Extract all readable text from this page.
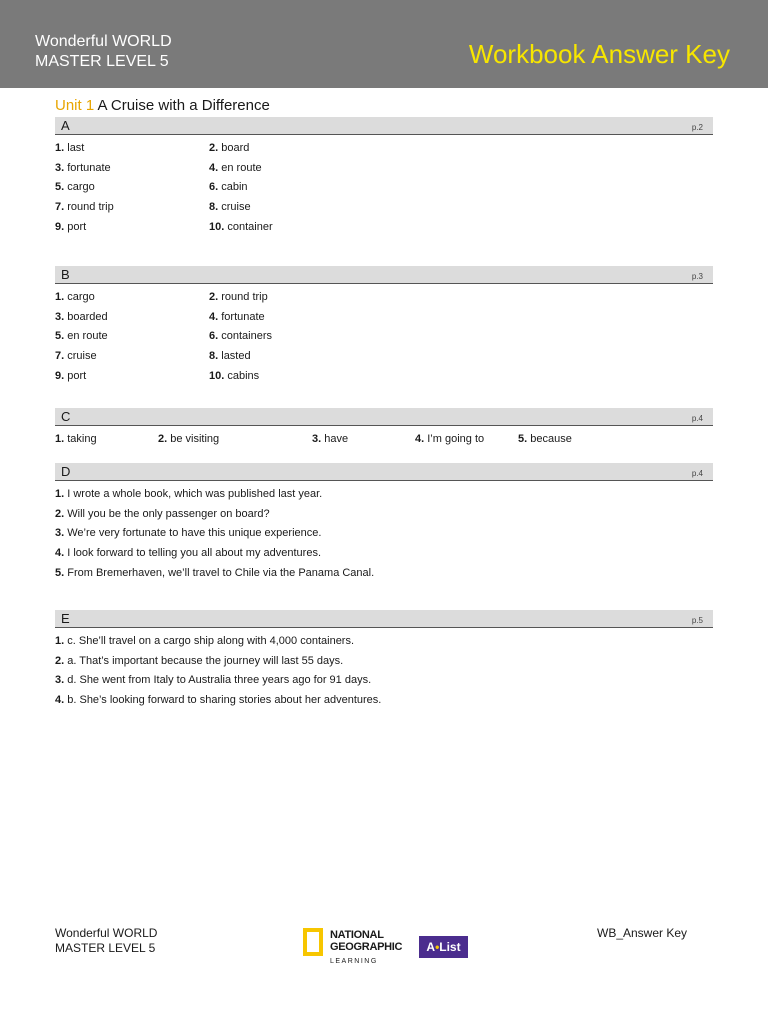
Wonderful WORLD
MASTER LEVEL 5	Workbook Answer Key
Unit 1 A Cruise with a Difference
A	p.2
1. last	2. board
3. fortunate	4. en route
5. cargo	6. cabin
7. round trip	8. cruise
9. port	10. container
B	p.3
1. cargo	2. round trip
3. boarded	4. fortunate
5. en route	6. containers
7. cruise	8. lasted
9. port	10. cabins
C	p.4
1. taking	2. be visiting	3. have	4. I’m going to	5. because
D	p.4
1. I wrote a whole book, which was published last year.
2. Will you be the only passenger on board?
3. We’re very fortunate to have this unique experience.
4. I look forward to telling you all about my adventures.
5. From Bremerhaven, we’ll travel to Chile via the Panama Canal.
E	p.5
1. c. She’ll travel on a cargo ship along with 4,000 containers.
2. a. That’s important because the journey will last 55 days.
3. d. She went from Italy to Australia three years ago for 91 days.
4. b. She’s looking forward to sharing stories about her adventures.
Wonderful WORLD
MASTER LEVEL 5
NATIONAL
GEOGRAPHIC
LEARNING
A•List
WB_Answer Key
